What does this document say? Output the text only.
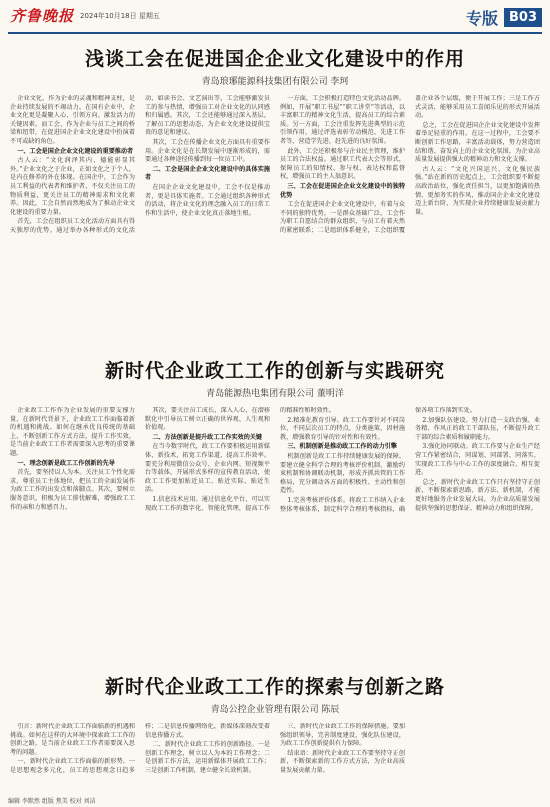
齐鲁晚报 2024年10月18日 星期五	专版 B03
浅谈工会在促进国企企业文化建设中的作用
青岛琅琊能源科技集团有限公司 李珂

企业文化，作为企业的灵魂和精神支柱，是企业持续发展的不竭动力。在国有企业中，企业文化更是凝聚人心、引领方向、激发活力的关键因素。而工会，作为企业与员工之间的桥梁和纽带，在促进国企企业文化建设中扮演着不可或缺的角色。

一、工会是国企企业文化建设的重要推动者

古人云：“文化润泽其内，德能彰显其外。”企业文化之于企业，正如文化之于个人，是内在修养的外在体现。在国企中，工会作为员工利益的代表者和维护者，不仅关注员工的物质利益，更关注员工的精神需求和文化素养。因此，工会自然而然地成为了推动企业文化建设的重要力量。

首先，工会在组织员工文化活动方面具有得天独厚的优势。通过举办各种形式的文化活动，如读书会、文艺演出等，工会能够激发员工的参与热情，增强员工对企业文化的认同感和归属感。其次，工会还能够通过深入基层，了解员工的思想动态，为企业文化建设提供宝贵的意见和建议。

其次，工会在传播企业文化方面具有重要作用。企业文化是在长期发展中逐渐形成的，需要通过各种途径传播到每一位员工中。

二、工会是国企企业文化建设中的具体实施者

在国企企业文化建设中，工会不仅是推动者，更是具体实施者。工会通过组织各种形式的活动，将企业文化的理念融入员工的日常工作和生活中，使企业文化真正落地生根。

一方面，工会积极打造特色文化活动品牌。例如，开展“职工书屋”“职工讲堂”等活动，以丰富职工的精神文化生活，提高员工的综合素质。另一方面，工会注重发挥先进典型的示范引领作用，通过评选表彰劳动模范、先进工作者等，营造学先进、赶先进的良好氛围。

此外，工会还积极参与企业民主管理，维护员工的合法权益。通过职工代表大会等形式，保障员工的知情权、参与权、表达权和监督权，增强员工的主人翁意识。

三、工会在促进国企企业文化建设中的独特优势

工会在促进国企企业文化建设中，有着与众不同的独特优势。一是群众基础广泛，工会作为职工自愿结合的群众组织，与员工有着天然的紧密联系；二是组织体系健全，工会组织覆盖企业各个层级，便于开展工作；三是工作方式灵活，能够采用员工喜闻乐见的形式开展活动。

总之，工会在促进国企企业文化建设中发挥着举足轻重的作用。在这一过程中，工会要不断创新工作思路，丰富活动载体，努力营造团结和谐、奋发向上的企业文化氛围，为企业高质量发展提供强大的精神动力和文化支撑。

古人云：“文化兴国运兴，文化强民族强。”站在新的历史起点上，工会组织要不断提高政治站位，强化责任担当，以更加饱满的热情、更加务实的作风，推动国企企业文化建设迈上新台阶，为实现企业持续健康发展贡献力量。

新时代企业政工工作的创新与实践研究
青岛能源热电集团有限公司 董明洋

企业政工工作作为企业发展的重要支撑力量，在新时代背景下，企业政工工作面临着新的机遇和挑战。如何在继承优良传统的基础上，不断创新工作方式方法，提升工作实效，是当前企业政工工作者需要深入思考的重要课题。

一、理念创新是政工工作创新的先导

首先，要坚持以人为本。关注员工个性化需求，尊重员工主体地位，把员工的全面发展作为政工工作的出发点和落脚点。其次，要树立服务意识，积极为员工排忧解难，增强政工工作的亲和力和感召力。

其次，要关注员工成长，深入人心，在潜移默化中引导员工树立正确的世界观、人生观和价值观。

二、方法创新是提升政工工作实效的关键

在当今数字时代，政工工作要积极运用新媒体、新技术，拓宽工作渠道，提高工作效率。要充分利用微信公众号、企业内网、短视频平台等载体，开展形式多样的宣传教育活动，使政工工作更加贴近员工、贴近实际、贴近生活。

1.信息技术应用。通过信息化平台，可以实现政工工作的数字化、智能化管理，提高工作的精准性和时效性。

2.精准化教育引导。政工工作要针对不同岗位、不同层次员工的特点，分类施策，因材施教，增强教育引导的针对性和有效性。

三、机制创新是推动政工工作的动力引擎

机制创新是政工工作持续健康发展的保障。要建立健全科学合理的考核评价机制、激励约束机制和协调联动机制，形成齐抓共管的工作格局，充分调动各方面的积极性、主动性和创造性。

1.完善考核评价体系。将政工工作纳入企业整体考核体系，制定科学合理的考核指标，确保各项工作落到实处。

2.加强队伍建设。努力打造一支政治强、业务精、作风正的政工干部队伍，不断提升政工干部的综合素质和履职能力。

3.强化协同联动。政工工作要与企业生产经营工作紧密结合，同谋划、同部署、同落实，实现政工工作与中心工作的深度融合、相互促进。

总之，新时代企业政工工作只有坚持守正创新，不断探索新思路、新方法、新机制，才能更好地服务企业发展大局，为企业高质量发展提供坚强的思想保证、精神动力和组织保障。

新时代企业政工工作的探索与创新之路
青岛公控企业管理有限公司 陈辰

引言：新时代企业政工工作面临新的机遇和挑战。如何在这样的大环境中探索政工工作的创新之路，是当前企业政工工作者需要深入思考的问题。

一、新时代企业政工工作面临的新形势。一是思想观念多元化，员工的思想观念日趋多样；二是信息传播网络化，新媒体深刻改变着信息传播方式。

二、新时代企业政工工作的创新路径。一是创新工作理念，树立以人为本的工作理念；二是创新工作方法，运用新媒体开展政工工作；三是创新工作机制，建立健全长效机制。

三、新时代企业政工工作的保障措施。要加强组织领导，完善制度建设，强化队伍建设，为政工工作创新提供有力保障。

结束语：新时代企业政工工作要坚持守正创新，不断探索新的工作方式方法，为企业高质量发展贡献力量。

编辑 李默然 组版 焦美 校对 刘洁
